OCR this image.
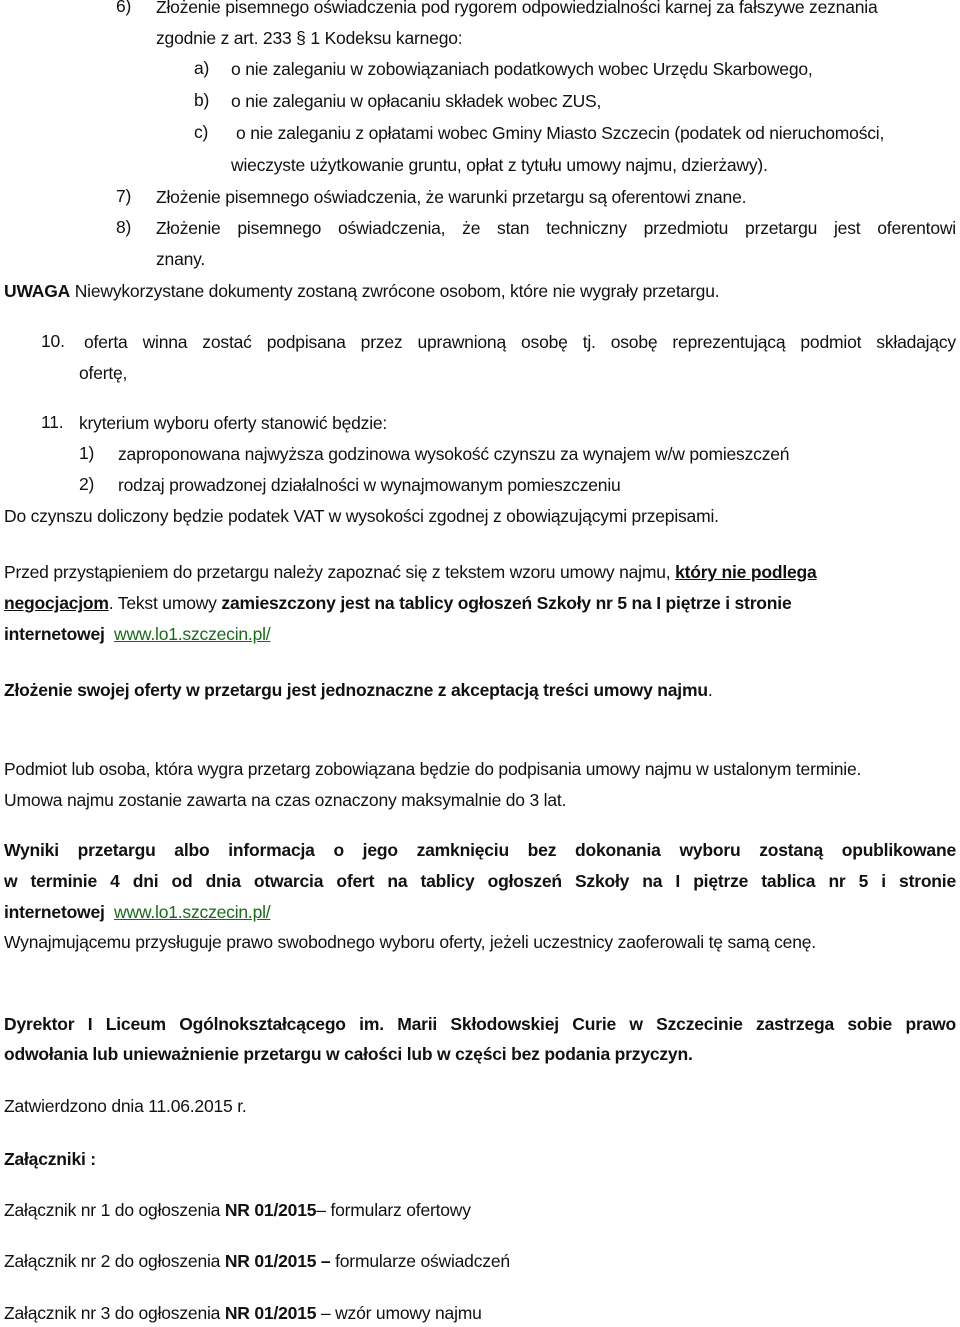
6) Złożenie pisemnego oświadczenia pod rygorem odpowiedzialności karnej za fałszywe zeznania
zgodnie z art. 233 § 1 Kodeksu karnego:
a) o nie zaleganiu w zobowiązaniach podatkowych wobec Urzędu Skarbowego,
b) o nie zaleganiu w opłacaniu składek wobec ZUS,
c) o nie zaleganiu z opłatami wobec Gminy Miasto Szczecin (podatek od nieruchomości,
wieczyste użytkowanie gruntu, opłat z tytułu umowy najmu, dzierżawy).
7) Złożenie pisemnego oświadczenia, że warunki przetargu są oferentowi znane.
8) Złożenie pisemnego oświadczenia, że stan techniczny przedmiotu przetargu jest oferentowi
znany.
UWAGA Niewykorzystane dokumenty zostaną zwrócone osobom, które nie wygrały przetargu.
10. oferta winna zostać podpisana przez uprawnioną osobę tj. osobę reprezentującą podmiot składający
ofertę,
11. kryterium wyboru oferty stanowić będzie:
1) zaproponowana najwyższa godzinowa wysokość czynszu za wynajem w/w pomieszczeń
2) rodzaj prowadzonej działalności w wynajmowanym pomieszczeniu
Do czynszu doliczony będzie podatek VAT w wysokości zgodnej z obowiązującymi przepisami.
Przed przystąpieniem do przetargu należy zapoznać się z tekstem wzoru umowy najmu, który nie podlega
negocjacjom. Tekst umowy zamieszczony jest na tablicy ogłoszeń Szkoły nr 5 na I piętrze i stronie
internetowej www.lo1.szczecin.pl/
Złożenie swojej oferty w przetargu jest jednoznaczne z akceptacją treści umowy najmu.
Podmiot lub osoba, która wygra przetarg zobowiązana będzie do podpisania umowy najmu w ustalonym terminie.
Umowa najmu zostanie zawarta na czas oznaczony maksymalnie do 3 lat.
Wyniki przetargu albo informacja o jego zamknięciu bez dokonania wyboru zostaną opublikowane
w terminie 4 dni od dnia otwarcia ofert na tablicy ogłoszeń Szkoły na I piętrze tablica nr 5 i stronie
internetowej www.lo1.szczecin.pl/
Wynajmującemu przysługuje prawo swobodnego wyboru oferty, jeżeli uczestnicy zaoferowali tę samą cenę.
Dyrektor I Liceum Ogólnokształcącego im. Marii Skłodowskiej Curie w Szczecinie zastrzega sobie prawo
odwołania lub unieważnienie przetargu w całości lub w części bez podania przyczyn.
Zatwierdzono dnia 11.06.2015 r.
Załączniki :
Załącznik nr 1 do ogłoszenia NR 01/2015– formularz ofertowy
Załącznik nr 2 do ogłoszenia NR 01/2015 – formularze oświadczeń
Załącznik nr 3 do ogłoszenia NR 01/2015 – wzór umowy najmu
